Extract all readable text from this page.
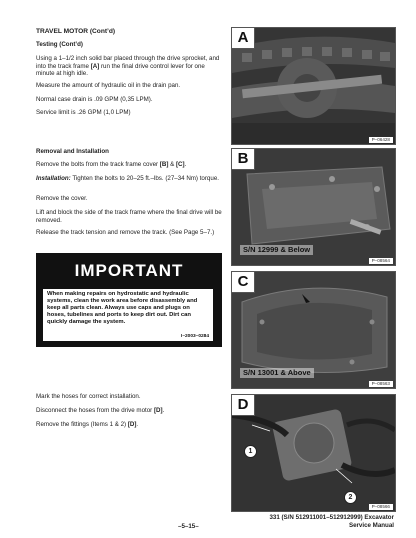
TRAVEL MOTOR (Cont’d)
Testing (Cont’d)
Using a 1–1/2 inch solid bar placed through the drive sprocket, and into the track frame [A] run the final drive control lever for one minute at high idle.
Measure the amount of hydraulic oil in the drain pan.
Normal case drain is .09 GPM (0,35 LPM).
Service limit is .26 GPM (1,0 LPM)
Removal and Installation
Remove the bolts from the track frame cover [B] & [C].
Installation: Tighten the bolts to 20–25 ft.–lbs. (27–34 Nm) torque.
Remove the cover.
Lift and block the side of the track frame where the final drive will be removed.
Release the track tension and remove the track. (See Page 5–7.)
IMPORTANT
When making repairs on hydrostatic and hydraulic systems, clean the work area before disassembly and keep all parts clean. Always use caps and plugs on hoses, tubelines and ports to keep dirt out. Dirt can quickly damage the system.
I–2003–0284
Mark the hoses for correct installation.
Disconnect the hoses from the drive motor [D].
Remove the fittings (Items 1 & 2) [D].
A
P–06428
B
S/N 12999 & Below
P–08564
C
S/N 13001 & Above
P–08563
D
1
2
P–08566
–5–15–
331 (S/N 512911001–512912999) Excavator
Service Manual
